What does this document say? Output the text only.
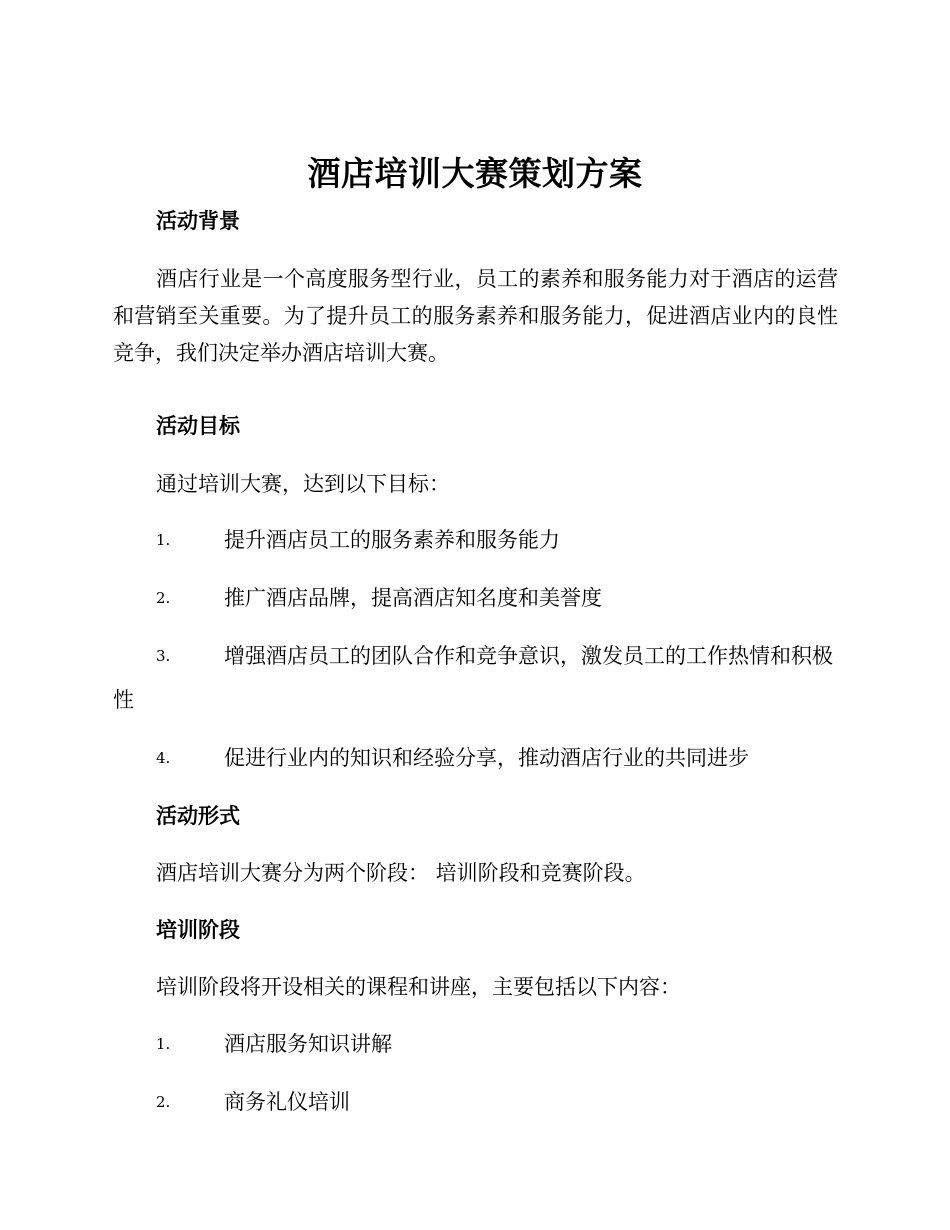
酒店培训大赛策划方案
活动背景

酒店行业是一个高度服务型行业，员工的素养和服务能力对于酒店的运营和营销至关重要。为了提升员工的服务素养和服务能力，促进酒店业内的良性竞争，我们决定举办酒店培训大赛。

活动目标
通过培训大赛，达到以下目标：
1.	提升酒店员工的服务素养和服务能力
2.	推广酒店品牌，提高酒店知名度和美誉度
3.	增强酒店员工的团队合作和竞争意识，激发员工的工作热情和积极性
4.	促进行业内的知识和经验分享，推动酒店行业的共同进步
活动形式
酒店培训大赛分为两个阶段： 培训阶段和竞赛阶段。
培训阶段
培训阶段将开设相关的课程和讲座，主要包括以下内容：
1.	酒店服务知识讲解
2.	商务礼仪培训
